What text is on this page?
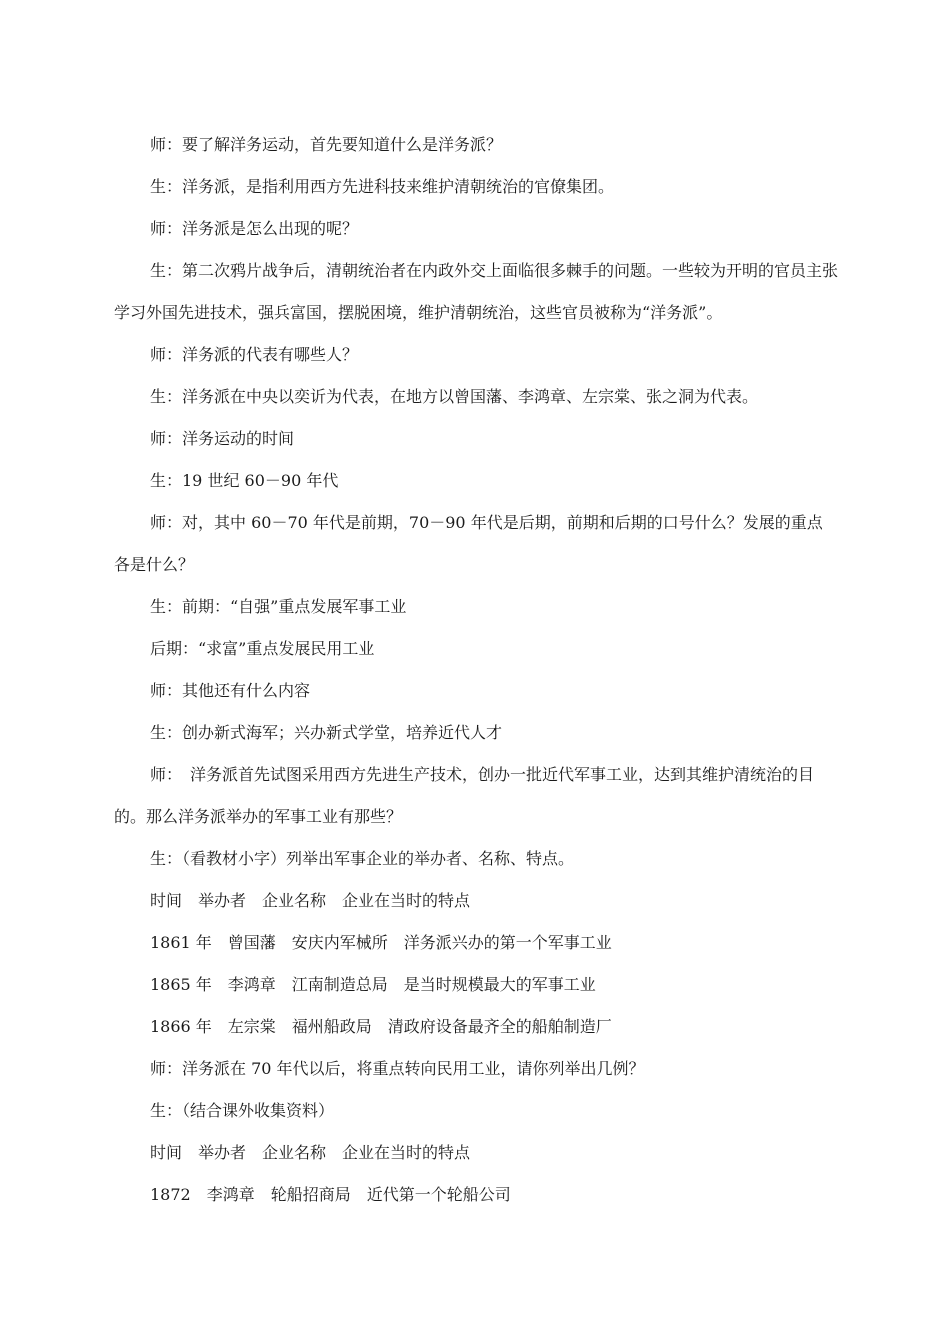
师：要了解洋务运动，首先要知道什么是洋务派？

生：洋务派，是指利用西方先进科技来维护清朝统治的官僚集团。

师：洋务派是怎么出现的呢？

生：第二次鸦片战争后，清朝统治者在内政外交上面临很多棘手的问题。一些较为开明的官员主张学习外国先进技术，强兵富国，摆脱困境，维护清朝统治，这些官员被称为“洋务派”。

师：洋务派的代表有哪些人？

生：洋务派在中央以奕䜣为代表，在地方以曾国藩、李鸿章、左宗棠、张之洞为代表。

师：洋务运动的时间

生：19 世纪 60－90 年代

师：对，其中 60－70 年代是前期，70－90 年代是后期，前期和后期的口号什么？发展的重点各是什么？

生：前期：“自强”重点发展军事工业

后期：“求富”重点发展民用工业

师：其他还有什么内容

生：创办新式海军；兴办新式学堂，培养近代人才

师：　洋务派首先试图采用西方先进生产技术，创办一批近代军事工业，达到其维护清统治的目的。那么洋务派举办的军事工业有那些？

生：（看教材小字）列举出军事企业的举办者、名称、特点。

时间　举办者　企业名称　企业在当时的特点

1861 年　曾国藩　安庆内军械所　洋务派兴办的第一个军事工业

1865 年　李鸿章　江南制造总局　是当时规模最大的军事工业

1866 年　左宗棠　福州船政局　清政府设备最齐全的船舶制造厂

师：洋务派在 70 年代以后，将重点转向民用工业，请你列举出几例？

生：（结合课外收集资料）

时间　举办者　企业名称　企业在当时的特点

1872　李鸿章　轮船招商局　近代第一个轮船公司
